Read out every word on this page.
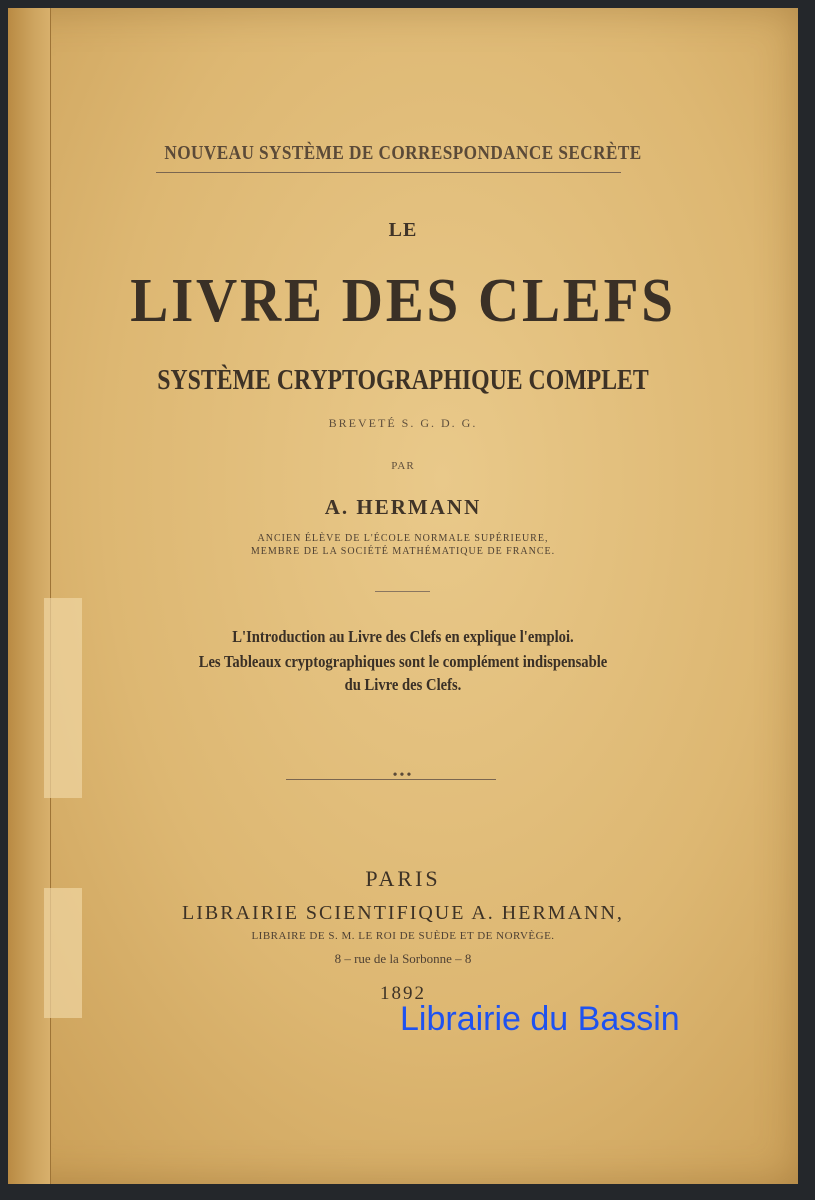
NOUVEAU SYSTÈME DE CORRESPONDANCE SECRÈTE
LE
LIVRE DES CLEFS
SYSTÈME CRYPTOGRAPHIQUE COMPLET
BREVETÉ S. G. D. G.
PAR
A. HERMANN
ANCIEN ÉLÈVE DE L'ÉCOLE NORMALE SUPÉRIEURE,
MEMBRE DE LA SOCIÉTÉ MATHÉMATIQUE DE FRANCE.
L'Introduction au Livre des Clefs en explique l'emploi.
Les Tableaux cryptographiques sont le complément indispensable
du Livre des Clefs.
•••
PARIS
LIBRAIRIE SCIENTIFIQUE A. HERMANN,
LIBRAIRE DE S. M. LE ROI DE SUÈDE ET DE NORVÈGE.
8 – rue de la Sorbonne – 8
1892
Librairie du Bassin
